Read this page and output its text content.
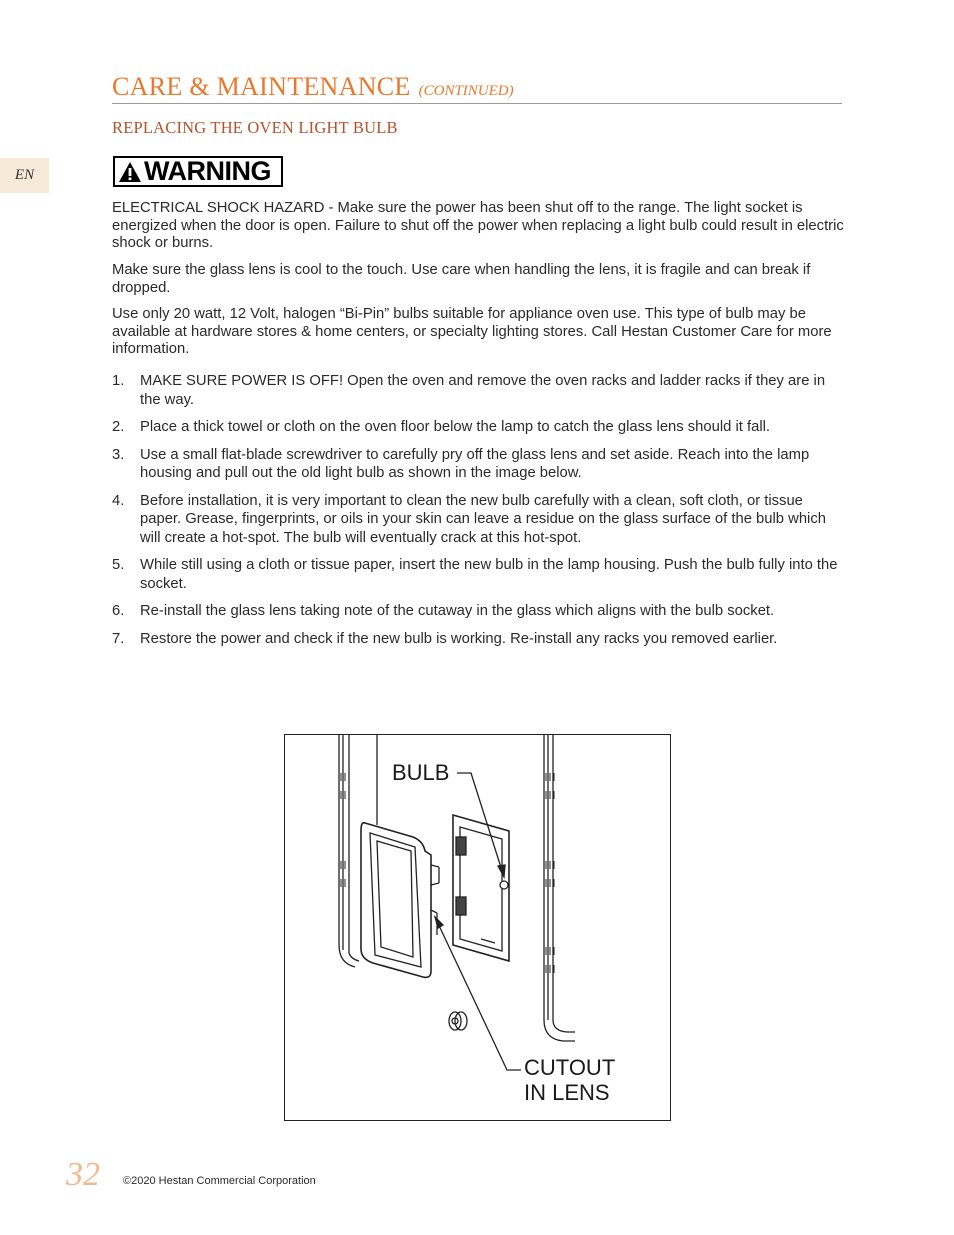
EN
CARE & MAINTENANCE (CONTINUED)
REPLACING THE OVEN LIGHT BULB
WARNING

ELECTRICAL SHOCK HAZARD - Make sure the power has been shut off to the range. The light socket is energized when the door is open. Failure to shut off the power when replacing a light bulb could result in electric shock or burns.

Make sure the glass lens is cool to the touch. Use care when handling the lens, it is fragile and can break if dropped.

Use only 20 watt, 12 Volt, halogen “Bi-Pin” bulbs suitable for appliance oven use. This type of bulb may be available at hardware stores & home centers, or specialty lighting stores. Call Hestan Customer Care for more information.

1.	MAKE SURE POWER IS OFF! Open the oven and remove the oven racks and ladder racks if they are in the way.
2.	Place a thick towel or cloth on the oven floor below the lamp to catch the glass lens should it fall.
3.	Use a small flat-blade screwdriver to carefully pry off the glass lens and set aside. Reach into the lamp housing and pull out the old light bulb as shown in the image below.
4.	Before installation, it is very important to clean the new bulb carefully with a clean, soft cloth, or tissue paper. Grease, fingerprints, or oils in your skin can leave a residue on the glass surface of the bulb which will create a hot-spot. The bulb will eventually crack at this hot-spot.
5.	While still using a cloth or tissue paper, insert the new bulb in the lamp housing. Push the bulb fully into the socket.
6.	Re-install the glass lens taking note of the cutaway in the glass which aligns with the bulb socket.
7.	Restore the power and check if the new bulb is working. Re-install any racks you removed earlier.
BULB
CUTOUT
IN LENS
32 ©2020 Hestan Commercial Corporation
